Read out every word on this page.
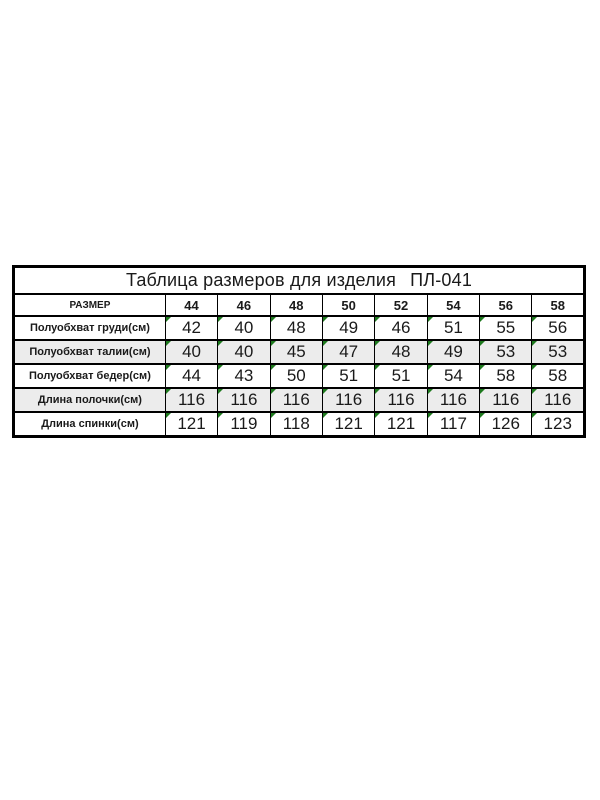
Таблица размеров для изделия ПЛ-041								
РАЗМЕР	44	46	48	50	52	54	56	58
Полуобхват груди(см)	42	40	48	49	46	51	55	56
Полуобхват талии(см)	40	40	45	47	48	49	53	53
Полуобхват бедер(см)	44	43	50	51	51	54	58	58
Длина полочки(см)	116	116	116	116	116	116	116	116
Длина спинки(см)	121	119	118	121	121	117	126	123
